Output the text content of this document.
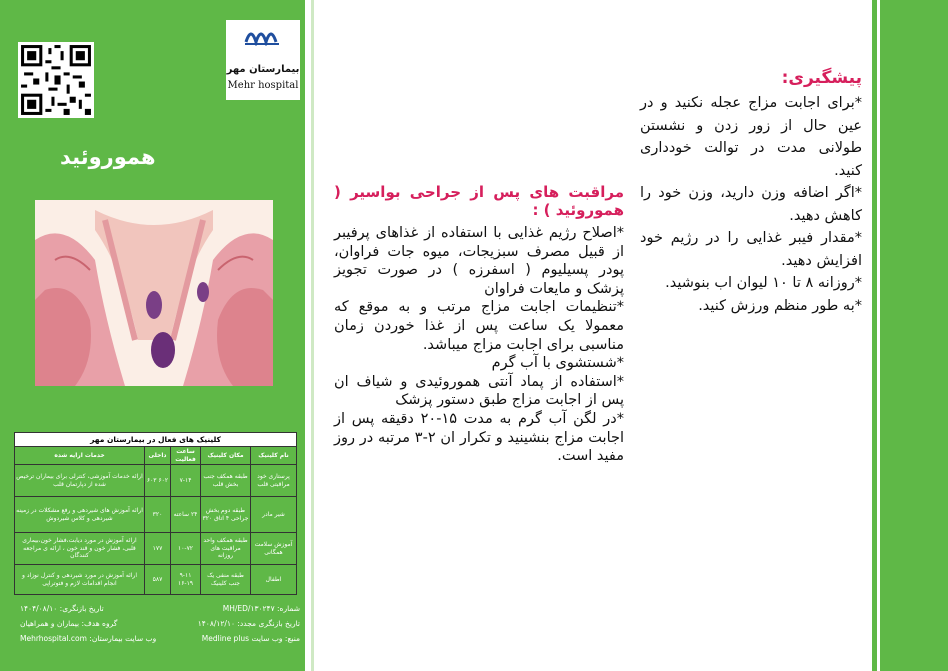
بیمارستان مهر
Mehr hospital
هموروئید
کلینیک های فعال در بیمارستان مهر
نام کلینیک	مکان کلینیک	ساعت فعالیت	داخلی	خدمات ارایه شده
پرستاری خود مراقبتی قلب	طبقه همکف جنب بخش قلب	۷-۱۴	۶۰۲ ۶۰۳	ارائه خدمات آموزشی، کنترلی برای بیماران ترخیص شده از دپارتمان قلب
شیر مادر	طبقه دوم بخش جراحی ۴ اتاق ۳۲۰	۲۴ ساعته	۳۲۰	ارائه آموزش های شیردهی و رفع مشکلات در زمینه شیردهی و کلاس شیردوش
آموزش سلامت همگانی	طبقه همکف واحد مراقبت های روزانه	۱۰-۷۲	۱۷۷	ارائه آموزش در مورد دیابت،فشار خون،بیماری قلبی، فشار خون و قند خون ، ارائه ی مراجعه کنندگان
اطفال	طبقه منفی یک جنب کلینیک	۹-۱۱ ۱۶-۱۹	۵۸۷	ارائه آموزش در مورد شیردهی و کنترل نوزاد و انجام اقدامات لازم و فتوتراپی
شماره: MH/ED/۱۳۰۲۴۷
تاریخ بازنگری: ۱۴۰۴/۰۸/۱۰
تاریخ بازنگری مجدد: ۱۴۰۸/۱۲/۱۰
گروه هدف: بیماران و همراهیان
منبع: وب سایت Medline plus
وب سایت بیمارستان: Mehrhospital.com
مراقبت های پس از جراحی بواسیر ( هموروئید ) :

*اصلاح رژیم غذایی با استفاده از غذاهای پرفیبر از قبیل مصرف سبزیجات، میوه جات فراوان، پودر پسیلیوم ( اسفرزه ) در صورت تجویز پزشک و مایعات فراوان

*تنظیمات اجابت مزاج مرتب و به موقع که معمولا یک ساعت پس از غذا خوردن زمان مناسبی برای اجابت مزاج میباشد.

*شستشوی با آب گرم

*استفاده از پماد آنتی هموروئیدی و شیاف ان پس از اجابت مزاج طبق دستور پزشک

*در لگن آب گرم به مدت ۱۵-۲۰ دقیقه پس از اجابت مزاج بنشینید و تکرار ان ۲-۳ مرتبه در روز مفید است.

پیشگیری:

*برای اجابت مزاج عجله نکنید و در عین حال از زور زدن و نشستن طولانی مدت در توالت خودداری کنید.

*اگر اضافه وزن دارید، وزن خود را کاهش دهید.

*مقدار فیبر غذایی را در رژیم خود افزایش دهید.

*روزانه ۸ تا ۱۰ لیوان اب بنوشید.

*به طور منظم ورزش کنید.
